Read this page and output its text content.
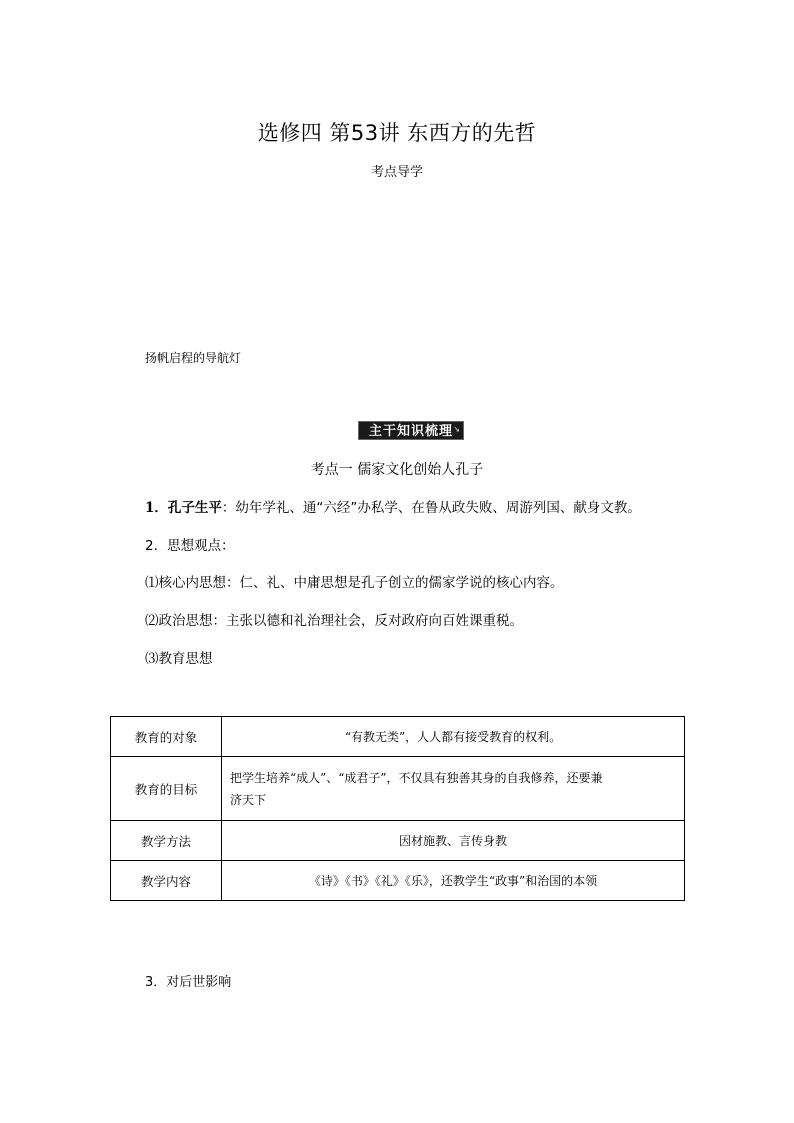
选修四 第53讲 东西方的先哲
考点导学
扬帆启程的导航灯
主干知识梳理 ↘
考点一 儒家文化创始人孔子
1．孔子生平：幼年学礼、通“六经”办私学、在鲁从政失败、周游列国、献身文教。
2．思想观点：
⑴核心内思想：仁、礼、中庸思想是孔子创立的儒家学说的核心内容。
⑵政治思想：主张以德和礼治理社会，反对政府向百姓课重税。
⑶教育思想
教育的对象	“有教无类”，人人都有接受教育的权利。
教育的目标	把学生培养“成人”、“成君子”，不仅具有独善其身的自我修养，还要兼
济天下

教学方法	因材施教、言传身教
教学内容	《诗》《书》《礼》《乐》，还教学生“政事”和治国的本领
3．对后世影响
